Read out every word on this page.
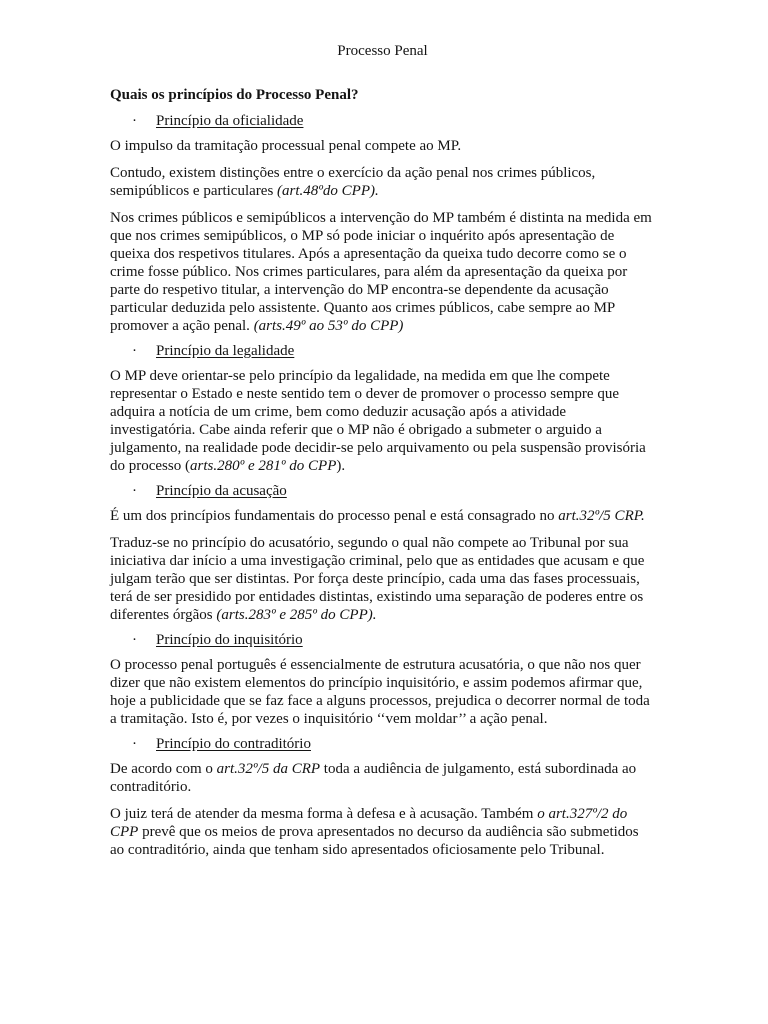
Processo Penal
Quais os princípios do Processo Penal?
· Princípio da oficialidade

O impulso da tramitação processual penal compete ao MP.

Contudo, existem distinções entre o exercício da ação penal nos crimes públicos, semipúblicos e particulares (art.48ºdo CPP).

Nos crimes públicos e semipúblicos a intervenção do MP também é distinta na medida em que nos crimes semipúblicos, o MP só pode iniciar o inquérito após apresentação de queixa dos respetivos titulares. Após a apresentação da queixa tudo decorre como se o crime fosse público. Nos crimes particulares, para além da apresentação da queixa por parte do respetivo titular, a intervenção do MP encontra-se dependente da acusação particular deduzida pelo assistente. Quanto aos crimes públicos, cabe sempre ao MP promover a ação penal. (arts.49º ao 53º do CPP)

· Princípio da legalidade

O MP deve orientar-se pelo princípio da legalidade, na medida em que lhe compete representar o Estado e neste sentido tem o dever de promover o processo sempre que adquira a notícia de um crime, bem como deduzir acusação após a atividade investigatória. Cabe ainda referir que o MP não é obrigado a submeter o arguido a julgamento, na realidade pode decidir-se pelo arquivamento ou pela suspensão provisória do processo (arts.280º e 281º do CPP).

· Princípio da acusação

É um dos princípios fundamentais do processo penal e está consagrado no art.32º/5 CRP.

Traduz-se no princípio do acusatório, segundo o qual não compete ao Tribunal por sua iniciativa dar início a uma investigação criminal, pelo que as entidades que acusam e que julgam terão que ser distintas. Por força deste princípio, cada uma das fases processuais, terá de ser presidido por entidades distintas, existindo uma separação de poderes entre os diferentes órgãos (arts.283º e 285º do CPP).

· Princípio do inquisitório

O processo penal português é essencialmente de estrutura acusatória, o que não nos quer dizer que não existem elementos do princípio inquisitório, e assim podemos afirmar que, hoje a publicidade que se faz face a alguns processos, prejudica o decorrer normal de toda a tramitação. Isto é, por vezes o inquisitório ‘‘vem moldar’’ a ação penal.

· Princípio do contraditório

De acordo com o art.32º/5 da CRP toda a audiência de julgamento, está subordinada ao contraditório.

O juiz terá de atender da mesma forma à defesa e à acusação. Também o art.327º/2 do CPP prevê que os meios de prova apresentados no decurso da audiência são submetidos ao contraditório, ainda que tenham sido apresentados oficiosamente pelo Tribunal.
